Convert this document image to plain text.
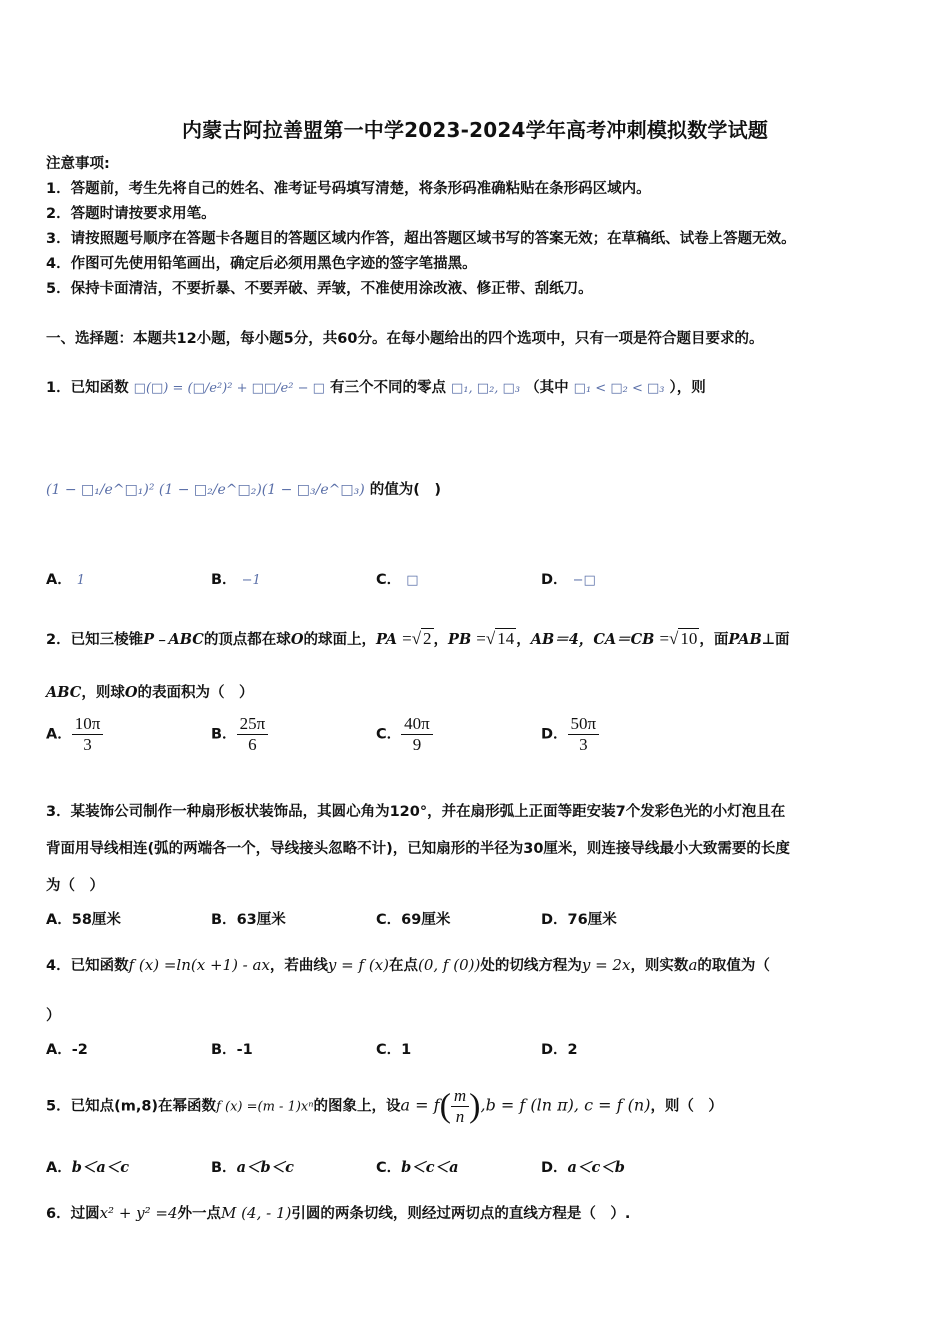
内蒙古阿拉善盟第一中学2023-2024学年高考冲刺模拟数学试题
注意事项:
1．答题前，考生先将自己的姓名、准考证号码填写清楚，将条形码准确粘贴在条形码区域内。
2．答题时请按要求用笔。
3．请按照题号顺序在答题卡各题目的答题区域内作答，超出答题区域书写的答案无效；在草稿纸、试卷上答题无效。
4．作图可先使用铅笔画出，确定后必须用黑色字迹的签字笔描黑。
5．保持卡面清洁，不要折暴、不要弄破、弄皱，不准使用涂改液、修正带、刮纸刀。
一、选择题：本题共12小题，每小题5分，共60分。在每小题给出的四个选项中，只有一项是符合题目要求的。
1．已知函数 □(□) = (□/e²)² + □□/e² − □ 有三个不同的零点 □₁, □₂, □₃ （其中 □₁ < □₂ < □₃ ），则
(1 − □₁/e^□₁)² (1 − □₂/e^□₂)(1 − □₃/e^□₃) 的值为(　)
A． 1	B． −1	C． □	D． −□
2．已知三棱锥P﹣ABC的顶点都在球O的球面上，PA =√ 2 ，PB =√ 14 ，AB＝4，CA＝CB =√ 10 ，面PAB⊥面
ABC，则球O的表面积为（　）
A． $\frac{10\pi}{3}$	B． $\frac{25\pi}{6}$	C． $\frac{40\pi}{9}$	D． $\frac{50\pi}{3}$
3．某装饰公司制作一种扇形板状装饰品，其圆心角为120°，并在扇形弧上正面等距安装7个发彩色光的小灯泡且在
背面用导线相连(弧的两端各一个，导线接头忽略不计)，已知扇形的半径为30厘米，则连接导线最小大致需要的长度
为（　）
A．58厘米	B．63厘米	C．69厘米	D．76厘米
4．已知函数f (x) =ln(x +1) - ax，若曲线y = f (x)在点(0, f (0))处的切线方程为y = 2x，则实数a的取值为（
）
A．-2	B．-1	C．1	D．2
5．已知点(m,8)在幂函数f (x) =(m - 1)xⁿ的图象上，设$a = f( \frac{m}{n} ),b = f$ (ln π), c = f (n)，则（　）
A．b＜a＜c	B．a＜b＜c	C．b＜c＜a	D．a＜c＜b
6．过圆x² + y² =4外一点M (4, - 1)引圆的两条切线，则经过两切点的直线方程是（　）.
